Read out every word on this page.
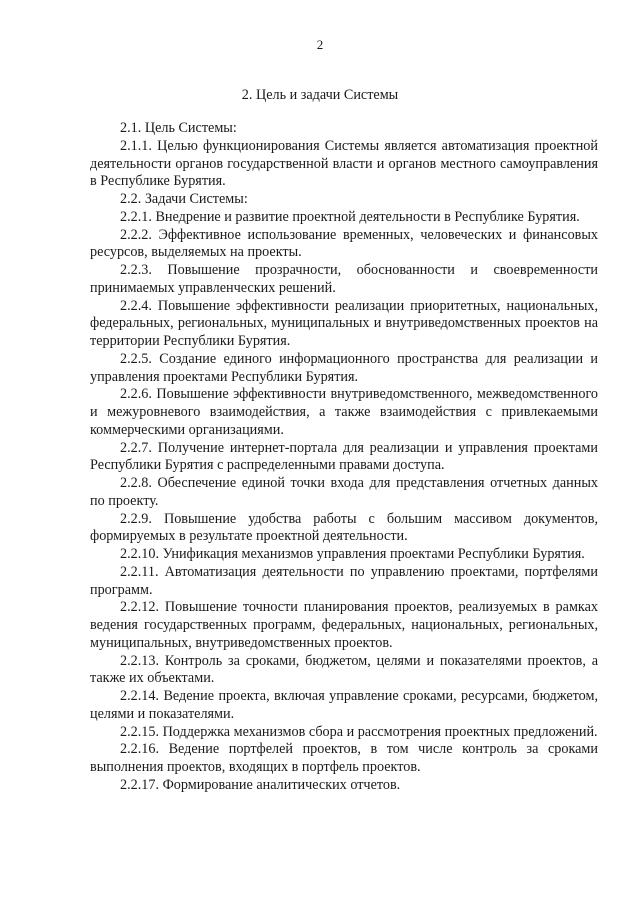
2
2. Цель и задачи Системы

2.1. Цель Системы:

2.1.1. Целью функционирования Системы является автоматизация проектной деятельности органов государственной власти и органов местного самоуправления в Республике Бурятия.

2.2. Задачи Системы:

2.2.1. Внедрение и развитие проектной деятельности в Республике Бурятия.

2.2.2. Эффективное использование временных, человеческих и финансовых ресурсов, выделяемых на проекты.

2.2.3. Повышение прозрачности, обоснованности и своевременности принимаемых управленческих решений.

2.2.4. Повышение эффективности реализации приоритетных, национальных, федеральных, региональных, муниципальных и внутриведомственных проектов на территории Республики Бурятия.

2.2.5. Создание единого информационного пространства для реализации и управления проектами Республики Бурятия.

2.2.6. Повышение эффективности внутриведомственного, межведомственного и межуровневого взаимодействия, а также взаимодействия с привлекаемыми коммерческими организациями.

2.2.7. Получение интернет-портала для реализации и управления проектами Республики Бурятия с распределенными правами доступа.

2.2.8. Обеспечение единой точки входа для представления отчетных данных по проекту.

2.2.9. Повышение удобства работы с большим массивом документов, формируемых в результате проектной деятельности.

2.2.10. Унификация механизмов управления проектами Республики Бурятия.

2.2.11. Автоматизация деятельности по управлению проектами, портфелями программ.

2.2.12. Повышение точности планирования проектов, реализуемых в рамках ведения государственных программ, федеральных, национальных, региональных, муниципальных, внутриведомственных проектов.

2.2.13. Контроль за сроками, бюджетом, целями и показателями проектов, а также их объектами.

2.2.14. Ведение проекта, включая управление сроками, ресурсами, бюджетом, целями и показателями.

2.2.15. Поддержка механизмов сбора и рассмотрения проектных предложений.

2.2.16. Ведение портфелей проектов, в том числе контроль за сроками выполнения проектов, входящих в портфель проектов.

2.2.17. Формирование аналитических отчетов.
